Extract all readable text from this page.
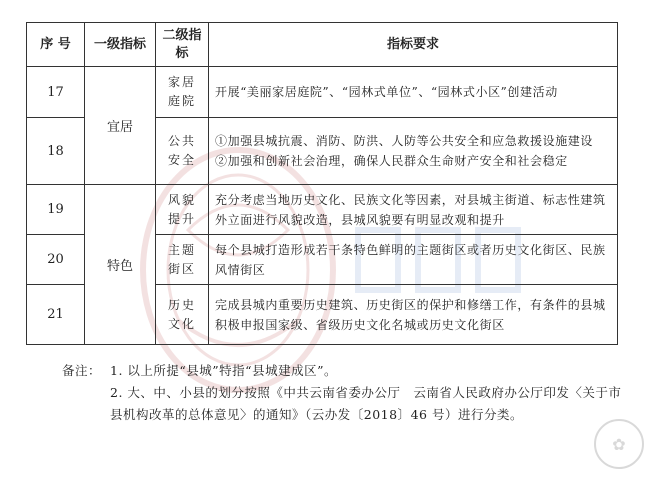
序 号	一级指标	二级指标	指标要求
17	宜居	家居庭院	开展“美丽家居庭院”、“园林式单位”、“园林式小区”创建活动

18		公共安全	①加强县城抗震、消防、防洪、人防等公共安全和应急救援设施建设
②加强和创新社会治理，确保人民群众生命财产安全和社会稳定

19	特色	风貌提升	充分考虑当地历史文化、民族文化等因素，对县城主街道、标志性建筑外立面进行风貌改造，县城风貌要有明显改观和提升

20		主题街区	每个县城打造形成若干条特色鲜明的主题街区或者历史文化街区、民族风情街区

21		历史文化	完成县城内重要历史建筑、历史街区的保护和修缮工作，有条件的县城积极申报国家级、省级历史文化名城或历史文化街区
备注： 1. 以上所提“县城”特指“县城建成区”。
2. 大、中、小县的划分按照《中共云南省委办公厅　云南省人民政府办公厅印发〈关于市县机构改革的总体意见〉的通知》（云办发〔2018〕46 号）进行分类。
✿
